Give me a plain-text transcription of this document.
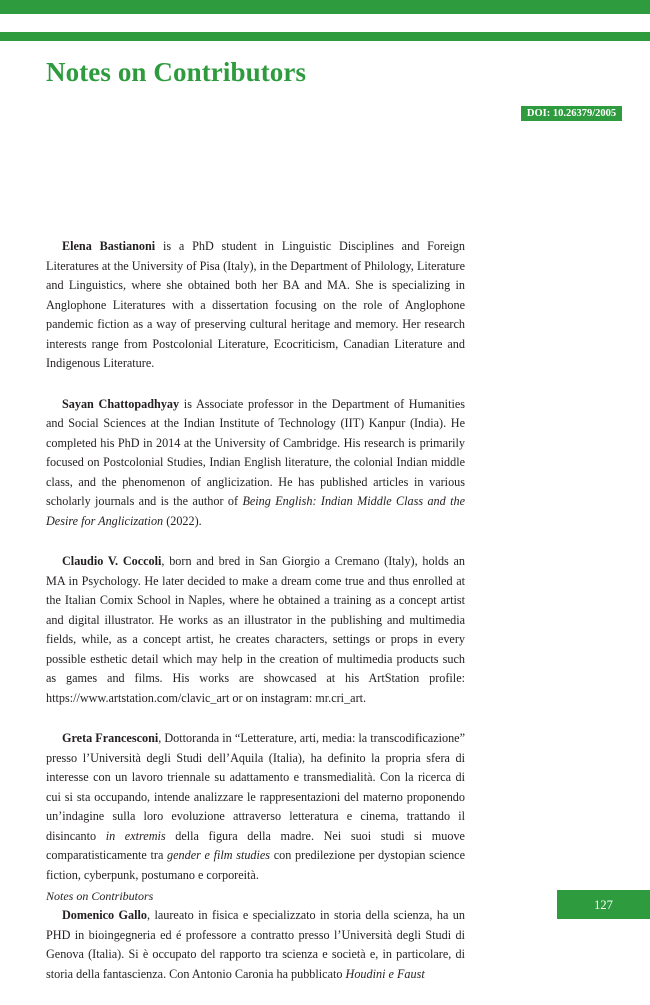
Notes on Contributors
DOI: 10.26379/2005

Elena Bastianoni is a PhD student in Linguistic Disciplines and Foreign Literatures at the University of Pisa (Italy), in the Department of Philology, Literature and Linguistics, where she obtained both her BA and MA. She is specializing in Anglophone Literatures with a dissertation focusing on the role of Anglophone pandemic fiction as a way of preserving cultural heritage and memory. Her research interests range from Postcolonial Literature, Ecocriticism, Canadian Literature and Indigenous Literature.

Sayan Chattopadhyay is Associate professor in the Department of Humanities and Social Sciences at the Indian Institute of Technology (IIT) Kanpur (India). He completed his PhD in 2014 at the University of Cambridge. His research is primarily focused on Postcolonial Studies, Indian English literature, the colonial Indian middle class, and the phenomenon of anglicization. He has published articles in various scholarly journals and is the author of Being English: Indian Middle Class and the Desire for Anglicization (2022).

Claudio V. Coccoli, born and bred in San Giorgio a Cremano (Italy), holds an MA in Psychology. He later decided to make a dream come true and thus enrolled at the Italian Comix School in Naples, where he obtained a training as a concept artist and digital illustrator. He works as an illustrator in the publishing and multimedia fields, while, as a concept artist, he creates characters, settings or props in every possible esthetic detail which may help in the creation of multimedia products such as games and films. His works are showcased at his ArtStation profile: https://www.artstation.com/clavic_art or on instagram: mr.cri_art.

Greta Francesconi, Dottoranda in “Letterature, arti, media: la transcodificazione” presso l’Università degli Studi dell’Aquila (Italia), ha definito la propria sfera di interesse con un lavoro triennale su adattamento e transmedialità. Con la ricerca di cui si sta occupando, intende analizzare le rappresentazioni del materno proponendo un’indagine sulla loro evoluzione attraverso letteratura e cinema, trattando il disincanto in extremis della figura della madre. Nei suoi studi si muove comparatisticamente tra gender e film studies con predilezione per dystopian science fiction, cyberpunk, postumano e corporeità.

Domenico Gallo, laureato in fisica e specializzato in storia della scienza, ha un PHD in bioingegneria ed é professore a contratto presso l’Università degli Studi di Genova (Italia). Si è occupato del rapporto tra scienza e società e, in particolare, di storia della fantascienza. Con Antonio Caronia ha pubblicato Houdini e Faust

Notes on Contributors
127
